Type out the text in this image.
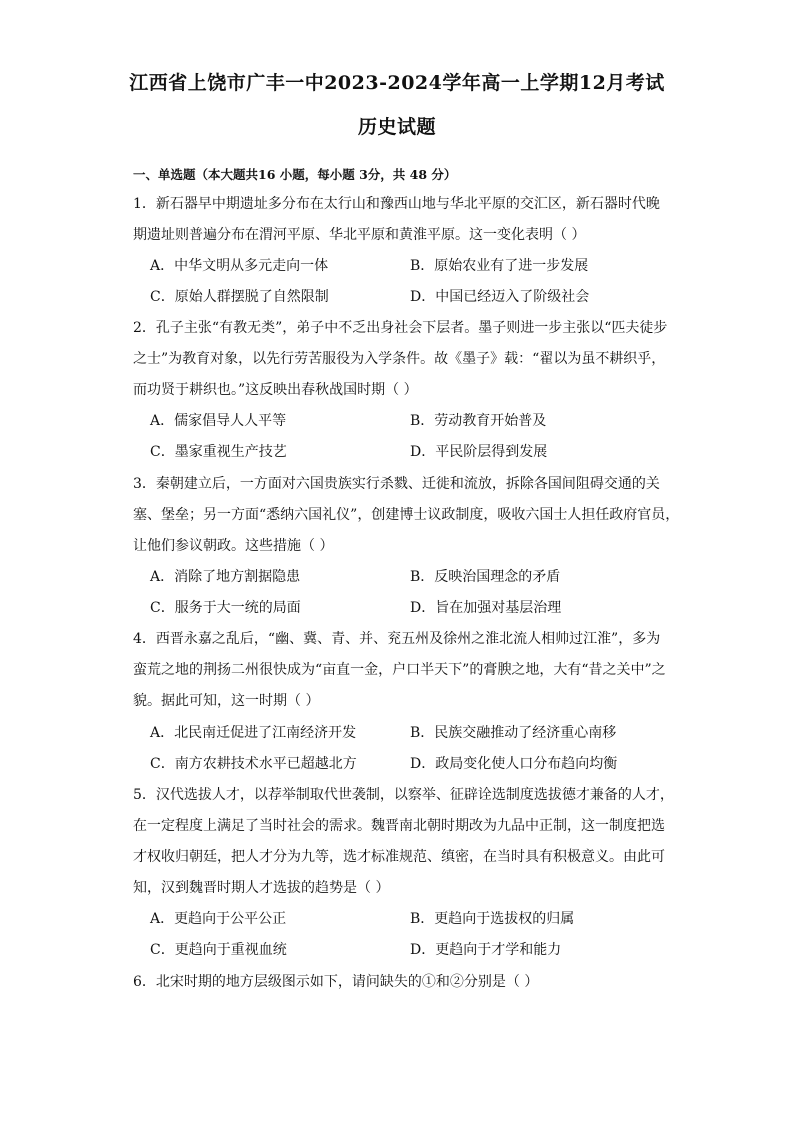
江西省上饶市广丰一中2023-2024学年高一上学期12月考试
历史试题
一、单选题（本大题共16 小题，每小题 3分，共 48 分）
1．新石器早中期遗址多分布在太行山和豫西山地与华北平原的交汇区，新石器时代晚
期遗址则普遍分布在渭河平原、华北平原和黄淮平原。这一变化表明（ ）
A．中华文明从多元走向一体	B．原始农业有了进一步发展
C．原始人群摆脱了自然限制	D．中国已经迈入了阶级社会
2．孔子主张“有教无类”，弟子中不乏出身社会下层者。墨子则进一步主张以“匹夫徒步
之士”为教育对象，以先行劳苦服役为入学条件。故《墨子》载：“翟以为虽不耕织乎，
而功贤于耕织也。”这反映出春秋战国时期（ ）
A．儒家倡导人人平等	B．劳动教育开始普及
C．墨家重视生产技艺	D．平民阶层得到发展
3．秦朝建立后，一方面对六国贵族实行杀戮、迁徙和流放，拆除各国间阻碍交通的关
塞、堡垒；另一方面“悉纳六国礼仪”，创建博士议政制度，吸收六国士人担任政府官员，
让他们参议朝政。这些措施（ ）
A．消除了地方割据隐患	B．反映治国理念的矛盾
C．服务于大一统的局面	D．旨在加强对基层治理
4．西晋永嘉之乱后，“幽、冀、青、并、兖五州及徐州之淮北流人相帅过江淮”，多为
蛮荒之地的荆扬二州很快成为“亩直一金，户口半天下”的膏腴之地，大有“昔之关中”之
貌。据此可知，这一时期（ ）
A．北民南迁促进了江南经济开发	B．民族交融推动了经济重心南移
C．南方农耕技术水平已超越北方	D．政局变化使人口分布趋向均衡
5．汉代选拔人才，以荐举制取代世袭制，以察举、征辟诠选制度选拔德才兼备的人才，
在一定程度上满足了当时社会的需求。魏晋南北朝时期改为九品中正制，这一制度把选
才权收归朝廷，把人才分为九等，选才标准规范、缜密，在当时具有积极意义。由此可
知，汉到魏晋时期人才选拔的趋势是（ ）
A．更趋向于公平公正	B．更趋向于选拔权的归属
C．更趋向于重视血统	D．更趋向于才学和能力
6．北宋时期的地方层级图示如下，请问缺失的①和②分别是（ ）
